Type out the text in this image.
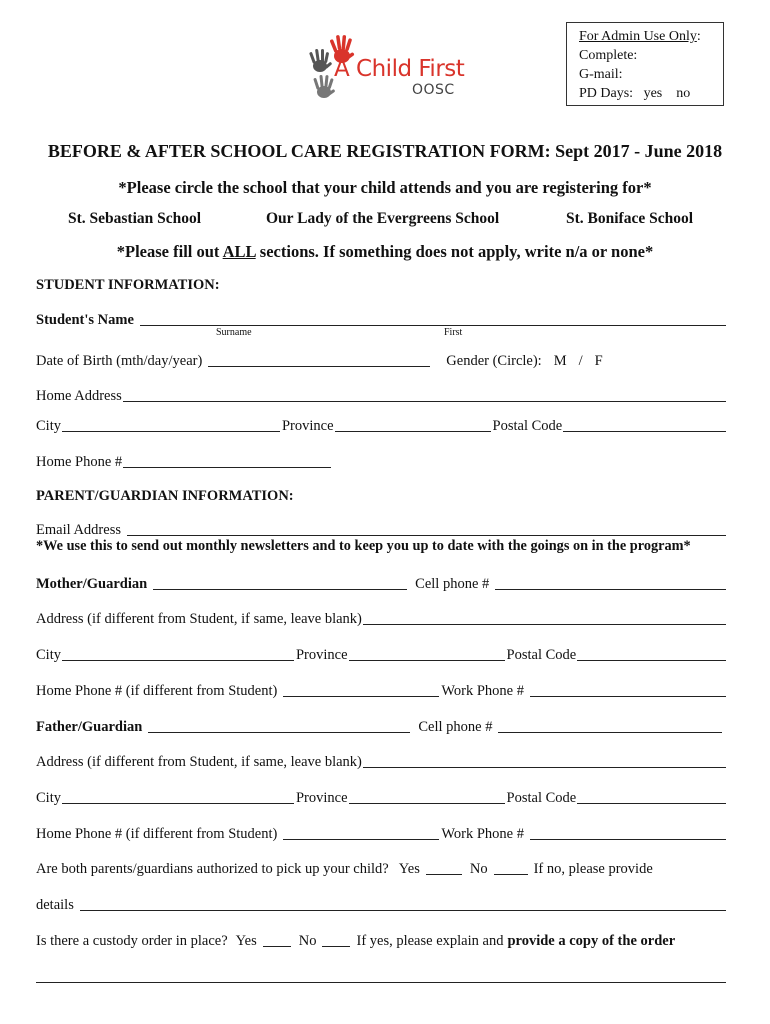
A Child First
OOSC
For Admin Use Only:
Complete:
G-mail:
PD Days: yes no
BEFORE & AFTER SCHOOL CARE REGISTRATION FORM: Sept 2017 - June 2018
*Please circle the school that your child attends and you are registering for*
St. Sebastian School	Our Lady of the Evergreens School	St. Boniface School
*Please fill out ALL sections. If something does not apply, write n/a or none*
STUDENT INFORMATION:
Student's Name
Surname	First
Date of Birth (mth/day/year)	Gender (Circle): M / F
Home Address
City	Province	Postal Code
Home Phone #
PARENT/GUARDIAN INFORMATION:
Email Address
*We use this to send out monthly newsletters and to keep you up to date with the goings on in the program*
Mother/Guardian	Cell phone #
Address (if different from Student, if same, leave blank)
City	Province	Postal Code
Home Phone # (if different from Student)	Work Phone #
Father/Guardian	Cell phone #
Address (if different from Student, if same, leave blank)
City	Province	Postal Code
Home Phone # (if different from Student)	Work Phone #
Are both parents/guardians authorized to pick up your child? Yes	No	If no, please provide
details
Is there a custody order in place? Yes	No	If yes, please explain and provide a copy of the order
